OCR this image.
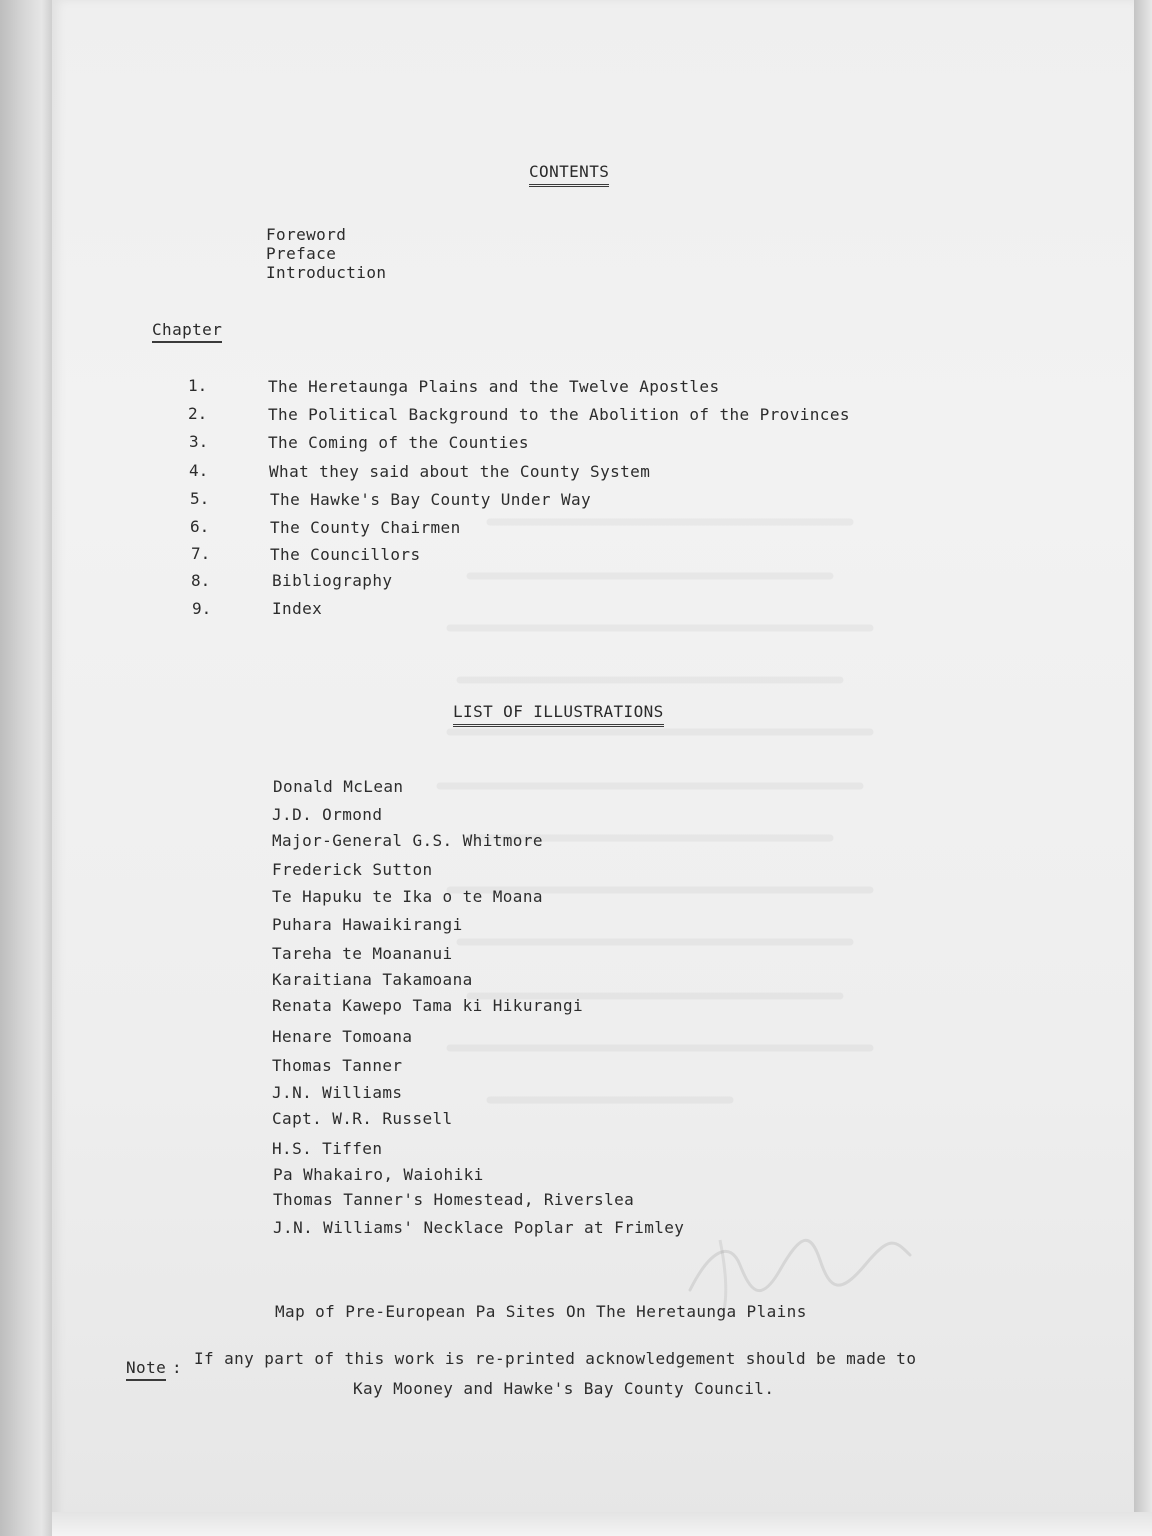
CONTENTS
Foreword
Preface
Introduction
Chapter
1.	The Heretaunga Plains and the Twelve Apostles
2.	The Political Background to the Abolition of the Provinces
3.	The Coming of the Counties
4.	What they said about the County System
5.	The Hawke's Bay County Under Way
6.	The County Chairmen
7.	The Councillors
8.	Bibliography
9.	Index
LIST OF ILLUSTRATIONS
Donald McLean
J.D. Ormond
Major-General G.S. Whitmore
Frederick Sutton
Te Hapuku te Ika o te Moana
Puhara Hawaikirangi
Tareha te Moananui
Karaitiana Takamoana
Renata Kawepo Tama ki Hikurangi
Henare Tomoana
Thomas Tanner
J.N. Williams
Capt. W.R. Russell
H.S. Tiffen
Pa Whakairo, Waiohiki
Thomas Tanner's Homestead, Riverslea
J.N. Williams' Necklace Poplar at Frimley
Map of Pre-European Pa Sites On The Heretaunga Plains
Note : If any part of this work is re-printed acknowledgement should be made to
Kay Mooney and Hawke's Bay County Council.
